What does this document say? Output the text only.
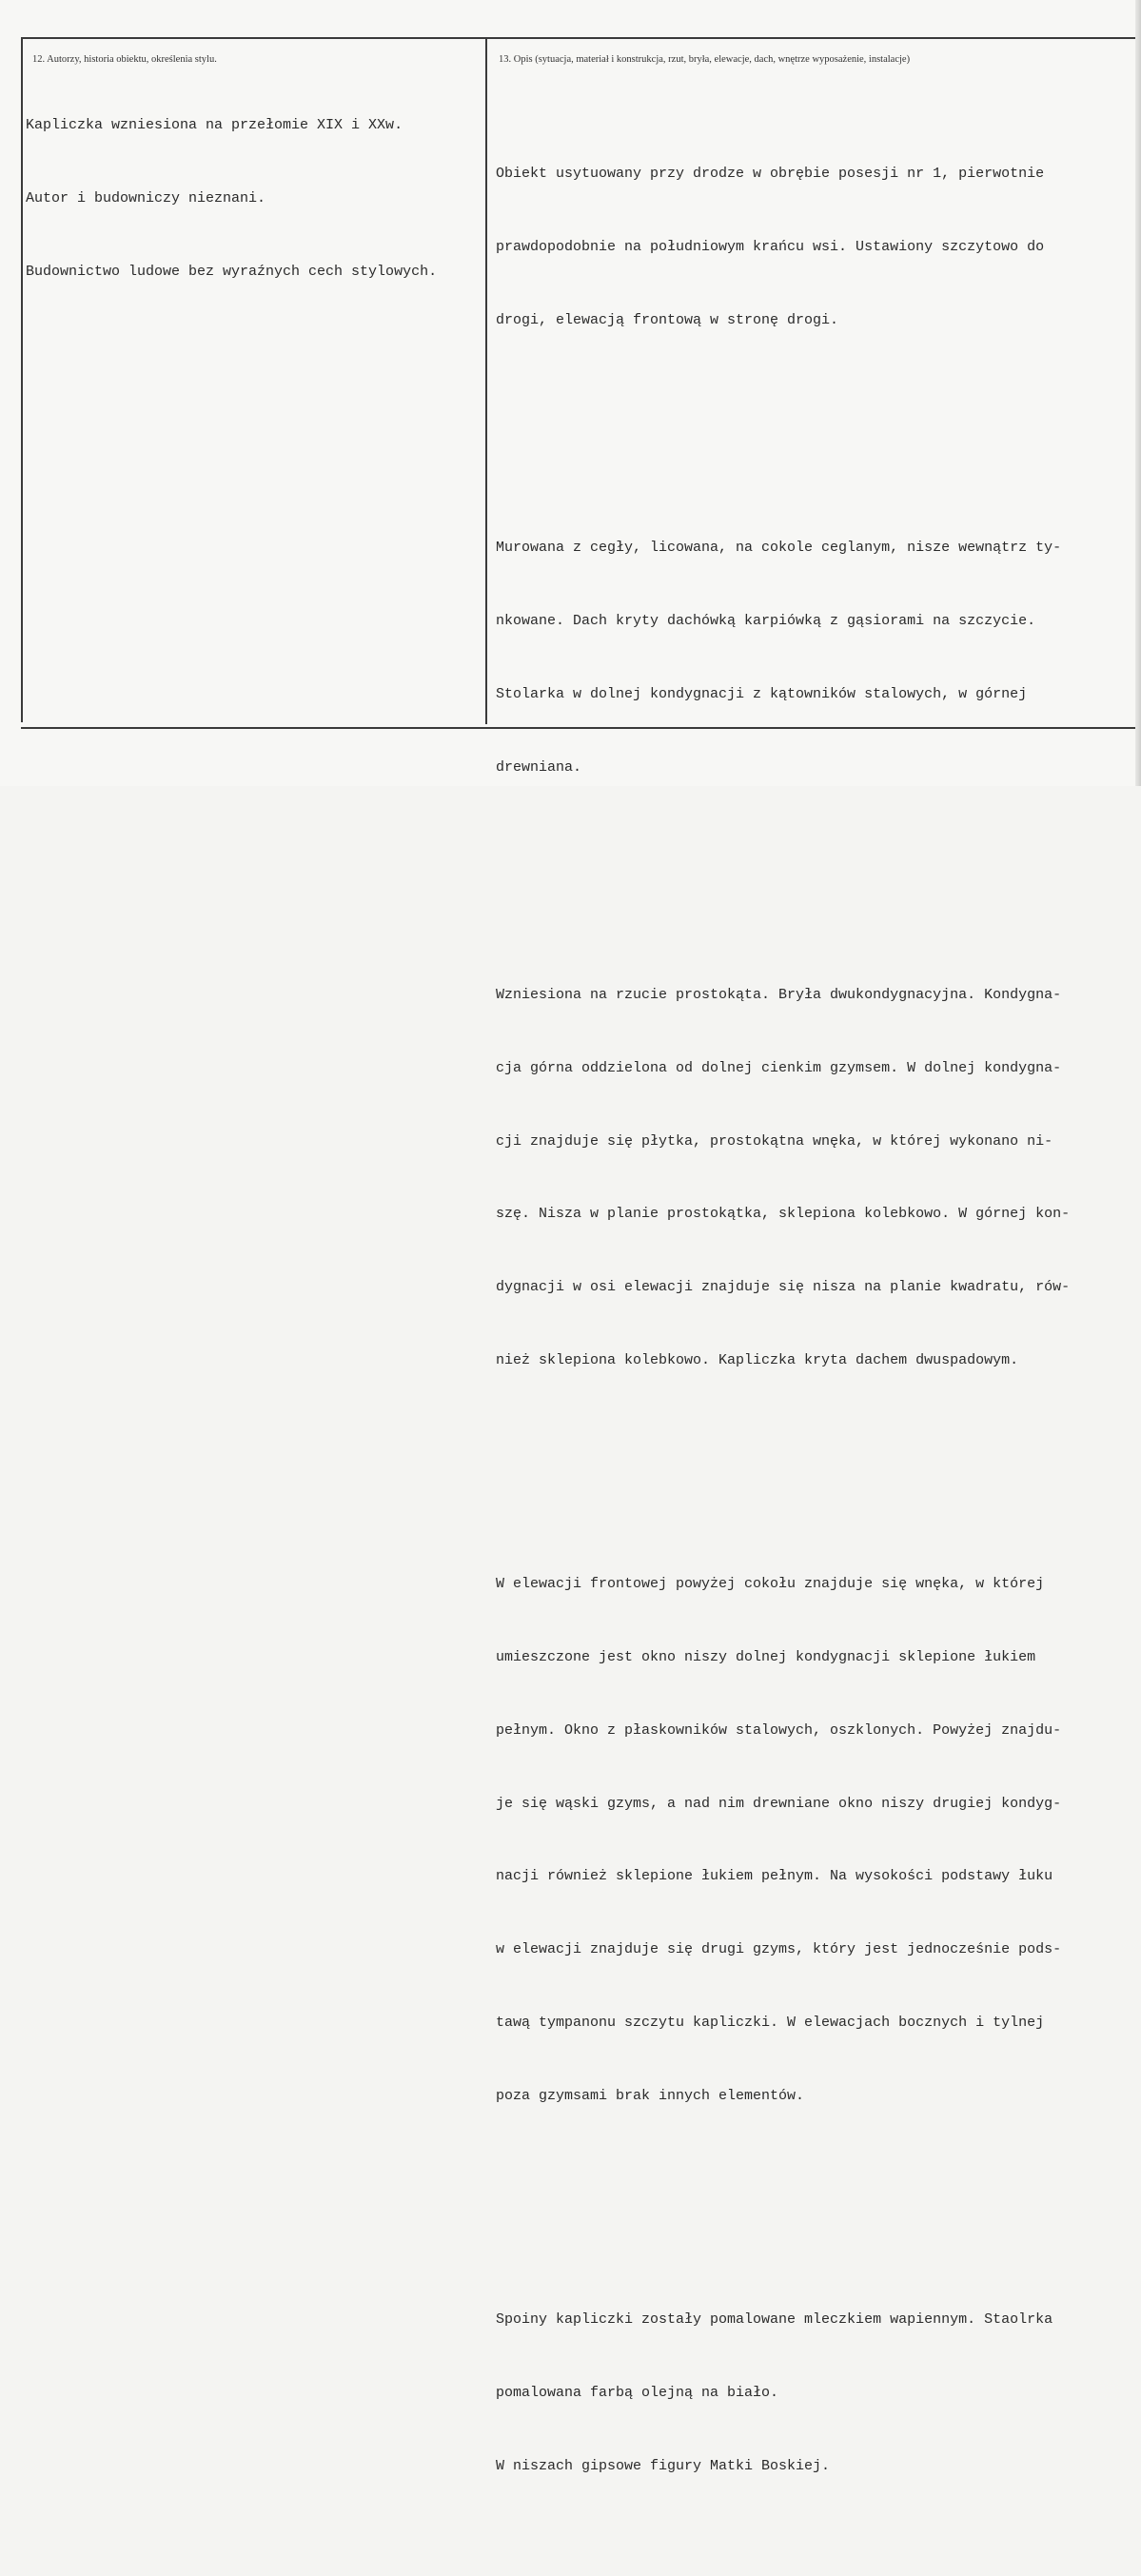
12. Autorzy, historia obiektu, określenia stylu.	13. Opis (sytuacja, materiał i konstrukcja, rzut, bryła, elewacje, dach, wnętrze wyposażenie, instalacje)

Kapliczka wzniesiona na przełomie XIX i XXw.

Autor i budowniczy nieznani.

Budownictwo ludowe bez wyraźnych cech stylowych.

Obiekt usytuowany przy drodze w obrębie posesji nr 1, pierwotnie

prawdopodobnie na południowym krańcu wsi. Ustawiony szczytowo do

drogi, elewacją frontową w stronę drogi.

Murowana z cegły, licowana, na cokole ceglanym, nisze wewnątrz ty-

nkowane. Dach kryty dachówką karpiówką z gąsiorami na szczycie.

Stolarka w dolnej kondygnacji z kątowników stalowych, w górnej

drewniana.

Wzniesiona na rzucie prostokąta. Bryła dwukondygnacyjna. Kondygna-

cja górna oddzielona od dolnej cienkim gzymsem. W dolnej kondygna-

cji znajduje się płytka, prostokątna wnęka, w której wykonano ni-

szę. Nisza w planie prostokątka, sklepiona kolebkowo. W górnej kon-

dygnacji w osi elewacji znajduje się nisza na planie kwadratu, rów-

nież sklepiona kolebkowo. Kapliczka kryta dachem dwuspadowym.

W elewacji frontowej powyżej cokołu znajduje się wnęka, w której

umieszczone jest okno niszy dolnej kondygnacji sklepione łukiem

pełnym. Okno z płaskowników stalowych, oszklonych. Powyżej znajdu-

je się wąski gzyms, a nad nim drewniane okno niszy drugiej kondyg-

nacji również sklepione łukiem pełnym. Na wysokości podstawy łuku

w elewacji znajduje się drugi gzyms, który jest jednocześnie pods-

tawą tympanonu szczytu kapliczki. W elewacjach bocznych i tylnej

poza gzymsami brak innych elementów.

Spoiny kapliczki zostały pomalowane mleczkiem wapiennym. Staolrka

pomalowana farbą olejną na biało.

W niszach gipsowe figury Matki Boskiej.
